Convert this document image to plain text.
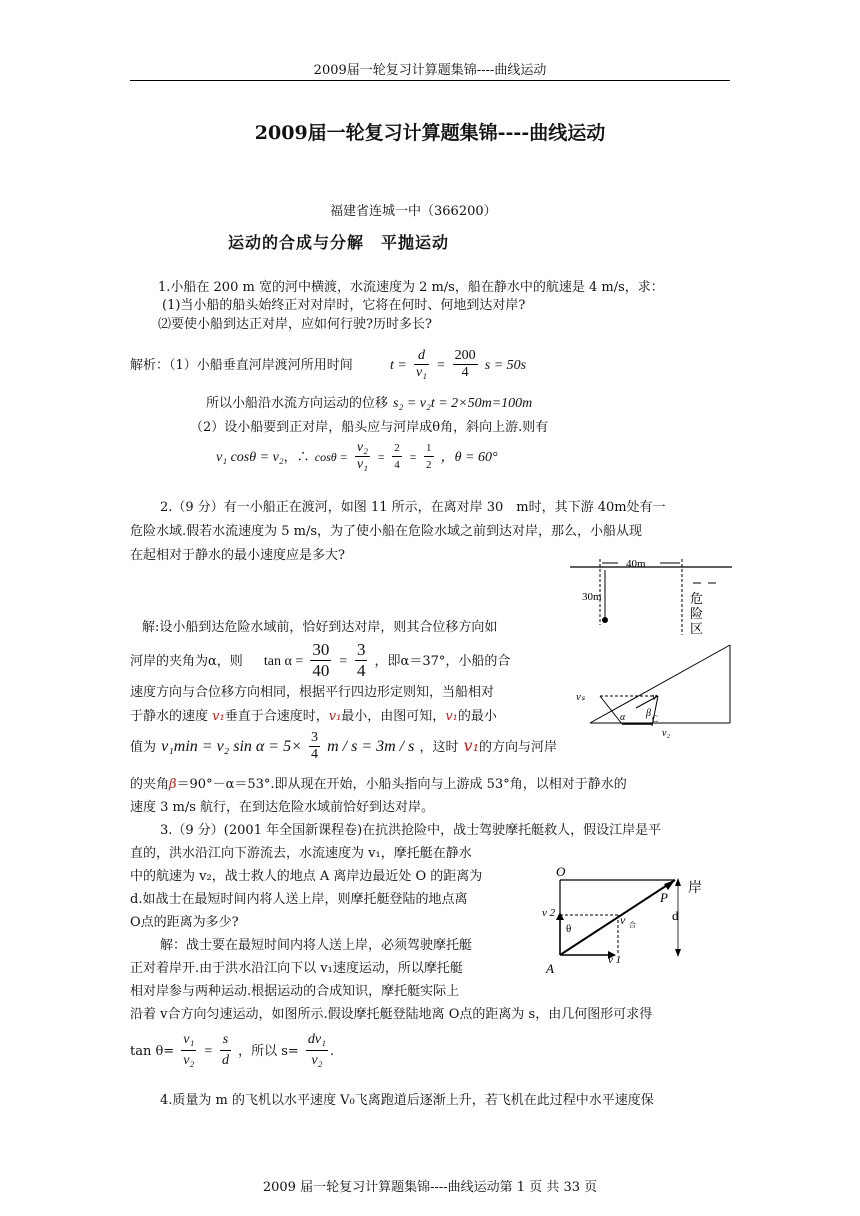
2009届一轮复习计算题集锦----曲线运动
2009届一轮复习计算题集锦----曲线运动
福建省连城一中（366200）
运动的合成与分解　平抛运动
1.小船在 200 m 宽的河中横渡，水流速度为 2 m/s，船在静水中的航速是 4 m/s，求：
(1)当小船的船头始终正对对岸时，它将在何时、何地到达对岸?
⑵要使小船到达正对岸，应如何行驶?历时多长?
解析：（1）小船垂直河岸渡河所用时间	$t = \frac{d}{\text{v₁}} = \frac{200}{4}$ s = 50s
所以小船沿水流方向运动的位移 s₂ = v₂t = 2×50m=100m
（2）设小船要到正对岸，船头应与河岸成θ角，斜向上游.则有
v₁ cosθ = v₂，∴ $\cos\theta = \frac{\text{v₂}}{\text{v₁}} = \frac{2}{4} = \frac{1}{2}$ ，θ = 60°
2.（9 分）有一小船正在渡河，如图 11 所示，在离对岸 30　m时，其下游 40m处有一
危险水域.假若水流速度为 5 m/s，为了使小船在危险水域之前到达对岸，那么，小船从现
在起相对于静水的最小速度应是多大?
40m
30m	危
险
区
解:设小船到达危险水域前，恰好到达对岸，则其合位移方向如
河岸的夹角为α，则 $\tan \alpha = \frac{30}{40} = \frac{3}{4}$ ，即α＝37°，小船的合
vₛ	v
α β C
v₂
速度方向与合位移方向相同，根据平行四边形定则知，当船相对
于静水的速度 v₁垂直于合速度时，v₁最小，由图可知，v₁的最小
值为 v₁min = v₂ $\sin \alpha = 5\times \frac{3}{4}$ m / s = 3m / s ，这时 v₁的方向与河岸
的夹角β＝90°－α＝53°.即从现在开始，小船头指向与上游成 53°角，以相对于静水的
速度 3 m/s 航行，在到达危险水域前恰好到达对岸。
3.（9 分）(2001 年全国新课程卷)在抗洪抢险中，战士驾驶摩托艇救人，假设江岸是平
直的，洪水沿江向下游流去，水流速度为 v₁，摩托艇在静水
中的航速为 v₂，战士救人的地点 A 离岸边最近处 O 的距离为
d.如战士在最短时间内将人送上岸，则摩托艇登陆的地点离
O点的距离为多少?
解：战士要在最短时间内将人送上岸，必须驾驶摩托艇
正对着岸开.由于洪水沿江向下以 v₁速度运动，所以摩托艇
相对岸参与两种运动.根据运动的合成知识，摩托艇实际上
沿着 v合方向匀速运动，如图所示.假设摩托艇登陆地离 O点的距离为 s，由几何图形可求得
O
P
岸
d
A
v 2
v 1
θ
v 合
$\tan \theta= \frac{\text{v₁}}{\text{v₂}} = \frac{s}{d}$ ，所以 $s= \frac{\text{dv₁}}{\text{v₂}}$ .
4.质量为 m 的飞机以水平速度 V₀飞离跑道后逐渐上升，若飞机在此过程中水平速度保
2009 届一轮复习计算题集锦----曲线运动第 1 页 共 33 页
